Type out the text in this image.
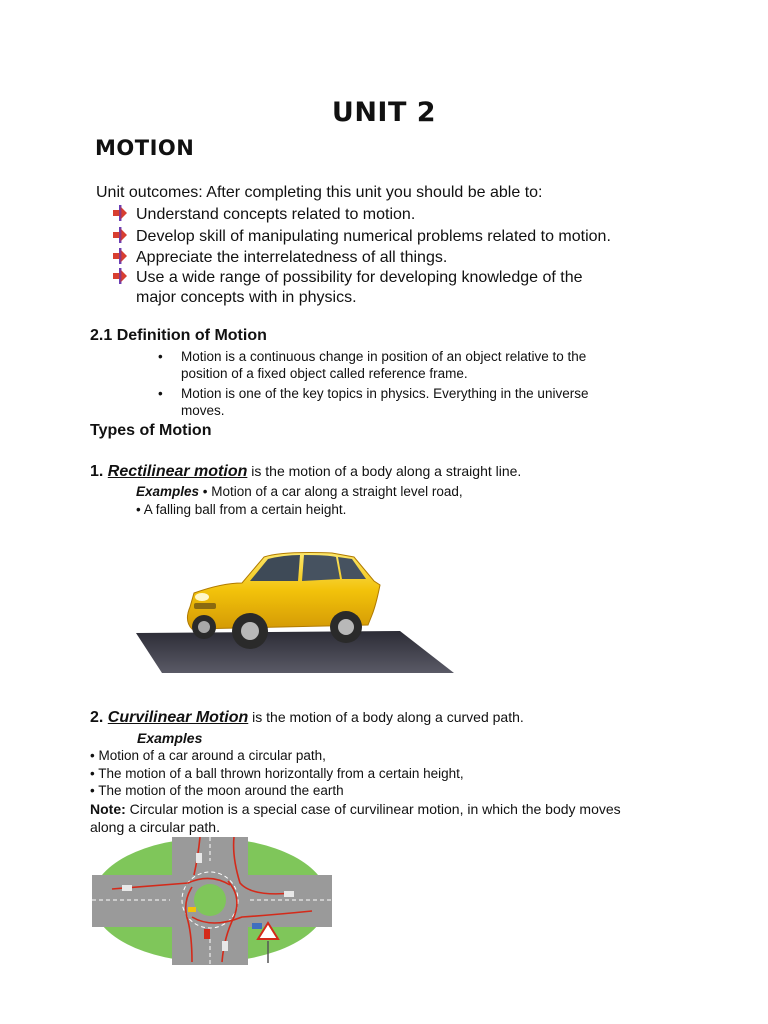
UNIT 2
MOTION
Unit outcomes: After completing this unit you should be able to:
Understand concepts related to motion.
Develop skill of manipulating numerical problems related to motion.
Appreciate the interrelatedness of all things.
Use a wide range of possibility for developing knowledge of the
major concepts with in physics.
2.1 Definition of Motion
• Motion is a continuous change in position of an object relative to the
position of a fixed object called reference frame.
• Motion is one of the key topics in physics. Everything in the universe
moves.
Types of Motion
1. Rectilinear motion is the motion of a body along a straight line.
Examples • Motion of a car along a straight level road,
• A falling ball from a certain height.
2. Curvilinear Motion is the motion of a body along a curved path.
Examples
• Motion of a car around a circular path,
• The motion of a ball thrown horizontally from a certain height,
• The motion of the moon around the earth
Note: Circular motion is a special case of curvilinear motion, in which the body moves
along a circular path.
